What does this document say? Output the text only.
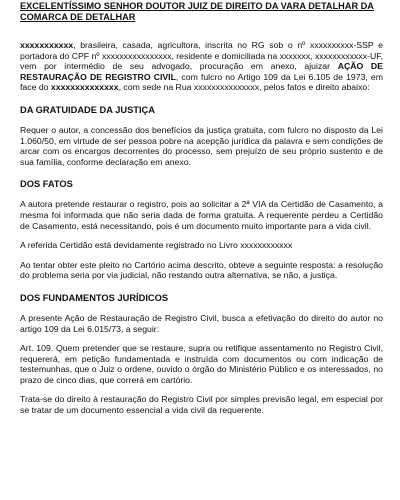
EXCELENTÍSSIMO SENHOR DOUTOR JUIZ DE DIREITO DA VARA DETALHAR DA COMARCA DE DETALHAR

xxxxxxxxxxx, brasileira, casada, agricultora, inscrita no RG sob o nº xxxxxxxxxx-SSP e portadora do CPF nº xxxxxxxxxxxxxxxx, residente e domiciliada na xxxxxxx, xxxxxxxxxxxx-UF, vem por intermédio de seu advogado, procuração em anexo, ajuizar AÇÃO DE RESTAURAÇÃO DE REGISTRO CIVIL, com fulcro no Artigo 109 da Lei 6.105 de 1973, em face do xxxxxxxxxxxxxx, com sede na Rua xxxxxxxxxxxxxxx, pelos fatos e direito abaixo:

DA GRATUIDADE DA JUSTIÇA

Requer o autor, a concessão dos benefícios da justiça gratuita, com fulcro no disposto da Lei 1.060/50, em virtude de ser pessoa pobre na acepção jurídica da palavra e sem condições de arcar com os encargos decorrentes do processo, sem prejuízo de seu próprio sustento e de sua família, conforme declaração em anexo.

DOS FATOS

A autora pretende restaurar o registro, pois ao solicitar a 2ª VIA da Certidão de Casamento, a mesma foi informada que não seria dada de forma gratuita. A requerente perdeu a Certidão de Casamento, está necessitando, pois é um documento muito importante para a vida civil.

A referida Certidão está devidamente registrado no Livro xxxxxxxxxxxx

Ao tentar obter este pleito no Cartório acima descrito, obteve a seguinte resposta: a resolução do problema seria por via judicial, não restando outra alternativa, se não, a justiça.

DOS FUNDAMENTOS JURÍDICOS

A presente Ação de Restauração de Registro Civil, busca a efetivação do direito do autor no artigo 109 da Lei 6.015/73, a seguir:

Art. 109. Quem pretender que se restaure, supra ou retifique assentamento no Registro Civil, requererá, em petição fundamentada e instruída com documentos ou com indicação de testemunhas, que o Juiz o ordene, ouvido o órgão do Ministério Público e os interessados, no prazo de cinco dias, que correrá em cartório.

Trata-se do direito à restauração do Registro Civil por simples previsão legal, em especial por se tratar de um documento essencial a vida civil da requerente.
